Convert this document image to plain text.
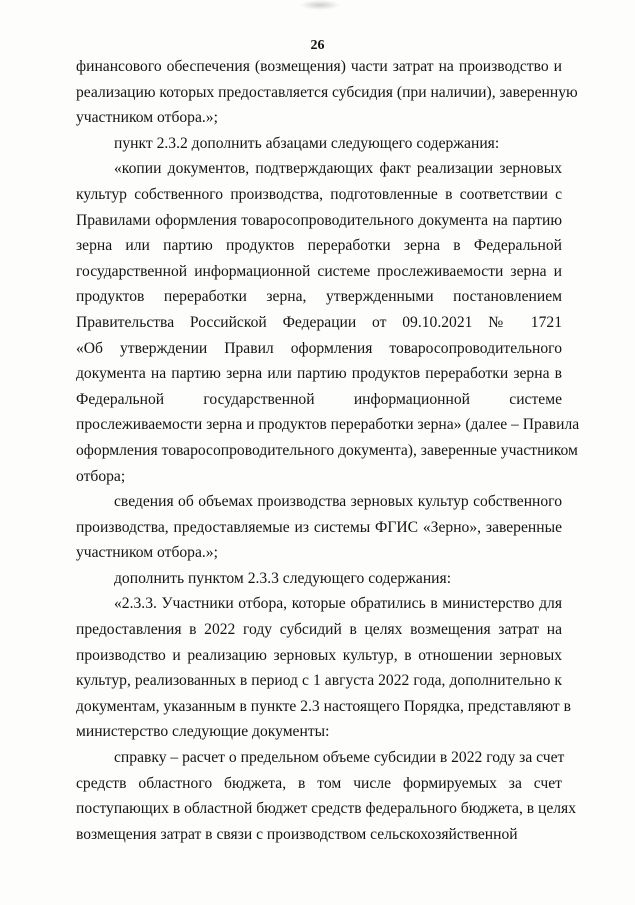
26
финансового обеспечения (возмещения) части затрат на производство и
реализацию которых предоставляется субсидия (при наличии), заверенную
участником отбора.»;
пункт 2.3.2 дополнить абзацами следующего содержания:
«копии документов, подтверждающих факт реализации зерновых
культур собственного производства, подготовленные в соответствии с
Правилами оформления товаросопроводительного документа на партию
зерна или партию продуктов переработки зерна в Федеральной
государственной информационной системе прослеживаемости зерна и
продуктов переработки зерна, утвержденными постановлением
Правительства Российской Федерации от 09.10.2021 № 1721
«Об утверждении Правил оформления товаросопроводительного
документа на партию зерна или партию продуктов переработки зерна в
Федеральной государственной информационной системе
прослеживаемости зерна и продуктов переработки зерна» (далее – Правила
оформления товаросопроводительного документа), заверенные участником
отбора;
сведения об объемах производства зерновых культур собственного
производства, предоставляемые из системы ФГИС «Зерно», заверенные
участником отбора.»;
дополнить пунктом 2.3.3 следующего содержания:
«2.3.3. Участники отбора, которые обратились в министерство для
предоставления в 2022 году субсидий в целях возмещения затрат на
производство и реализацию зерновых культур, в отношении зерновых
культур, реализованных в период с 1 августа 2022 года, дополнительно к
документам, указанным в пункте 2.3 настоящего Порядка, представляют в
министерство следующие документы:
справку – расчет о предельном объеме субсидии в 2022 году за счет
средств областного бюджета, в том числе формируемых за счет
поступающих в областной бюджет средств федерального бюджета, в целях
возмещения затрат в связи с производством сельскохозяйственной
